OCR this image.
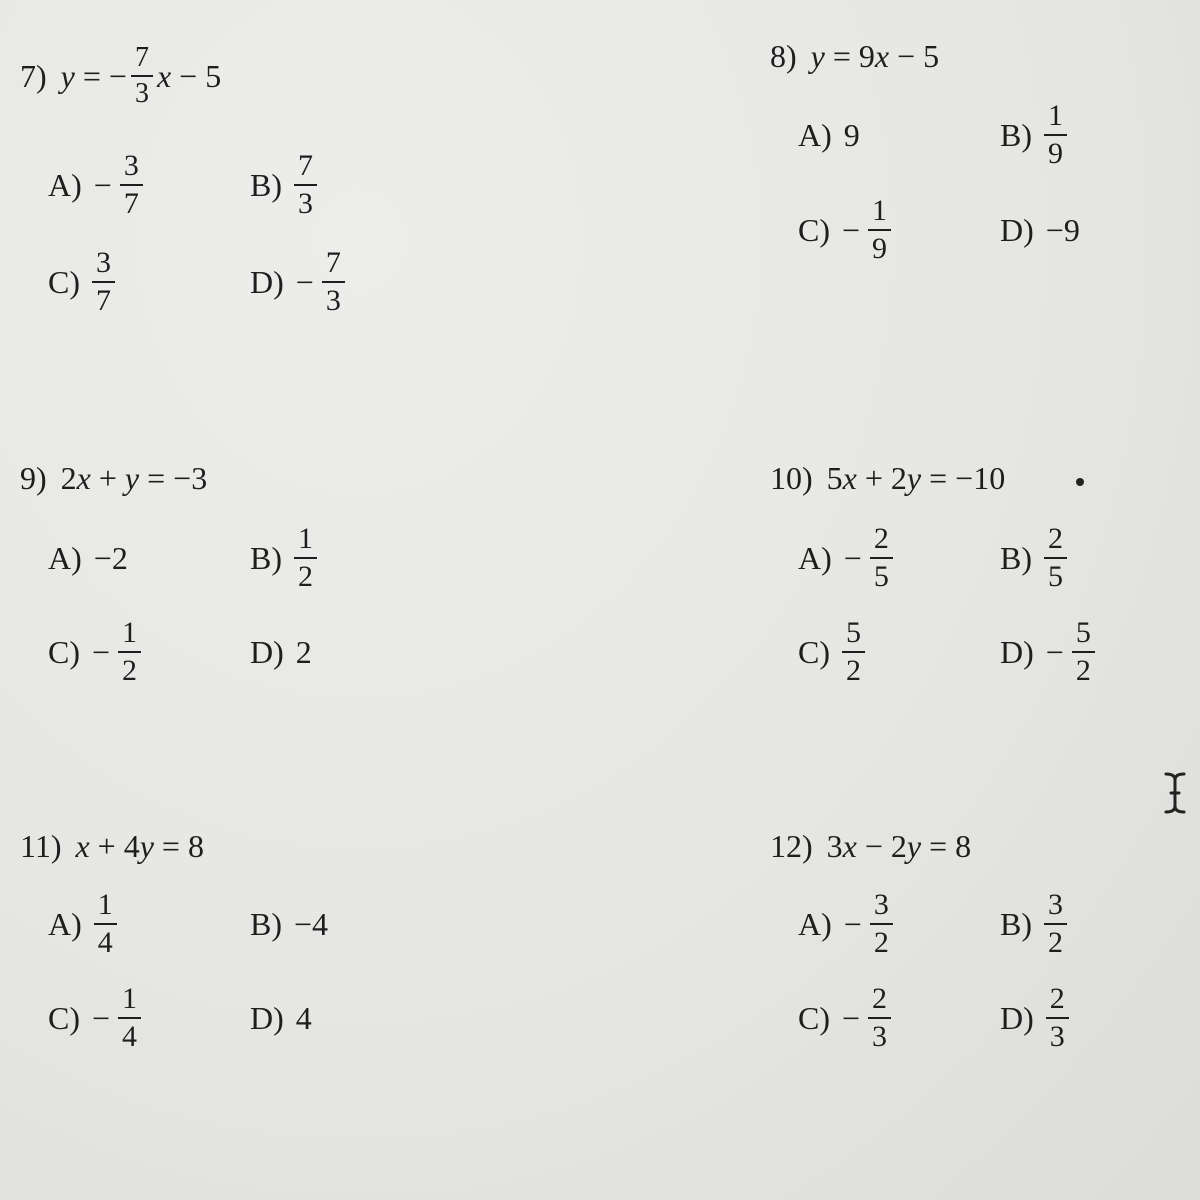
7) y = − $\frac{7}{3}$ x − 5
$A) - \frac{3}{7}$	$B) \frac{7}{3}$
$C) \frac{3}{7}$	$D) - \frac{7}{3}$
8) y = 9x − 5
A) 9	$B) \frac{1}{9}$
$C) - \frac{1}{9}$	D) −9
9) 2x + y = −3
A) −2	$B) \frac{1}{2}$
$C) - \frac{1}{2}$	D) 2
10) 5x + 2y = −10
$A) - \frac{2}{5}$	$B) \frac{2}{5}$
$C) \frac{5}{2}$	$D) - \frac{5}{2}$
11) x + 4y = 8
$A) \frac{1}{4}$	B) −4
$C) - \frac{1}{4}$	D) 4
12) 3x − 2y = 8
$A) - \frac{3}{2}$	$B) \frac{3}{2}$
$C) - \frac{2}{3}$	$D) \frac{2}{3}$
